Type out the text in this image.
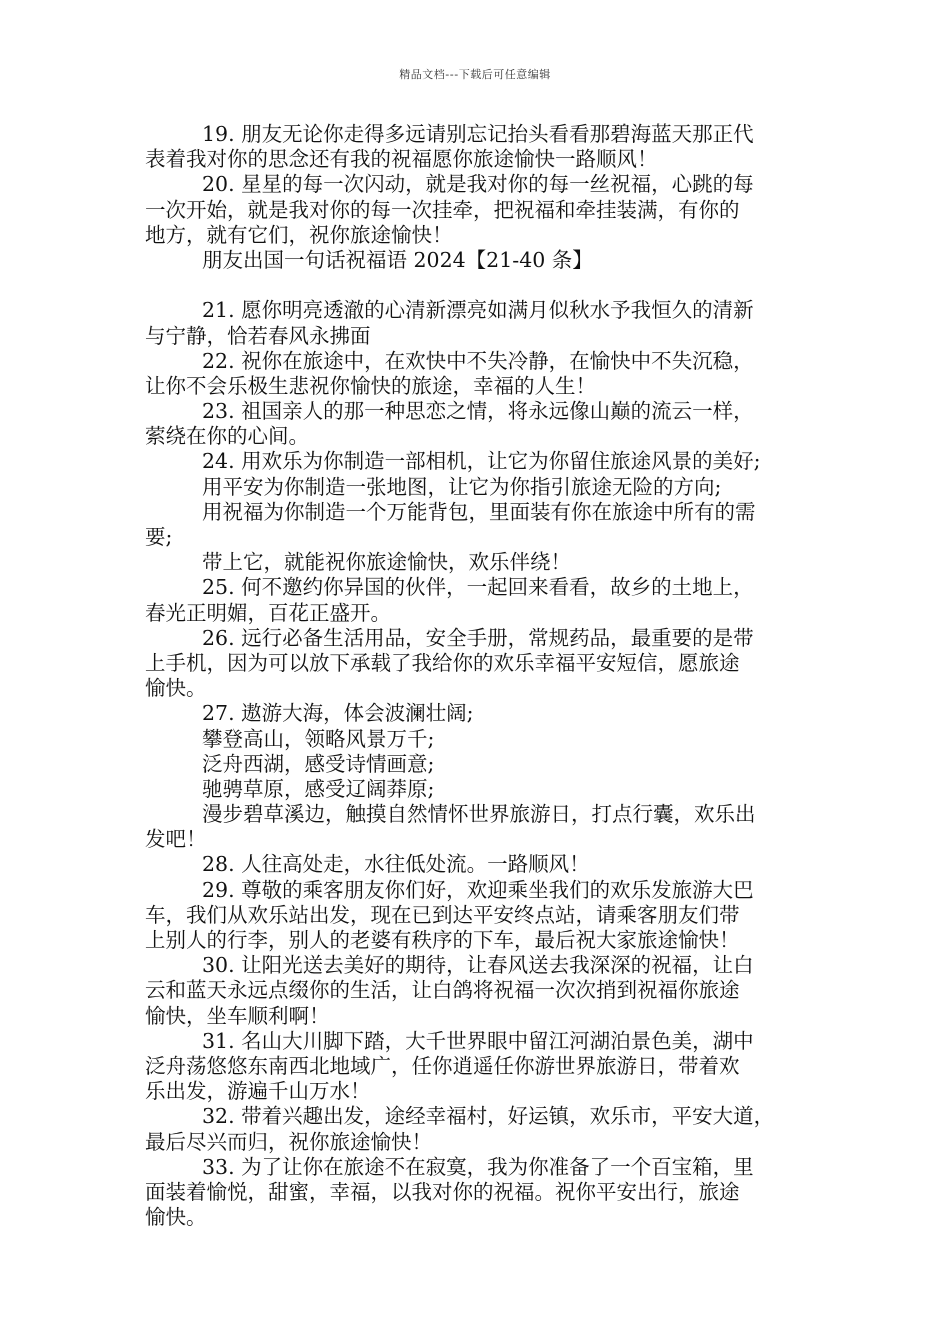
精品文档---下载后可任意编辑
19. 朋友无论你走得多远请别忘记抬头看看那碧海蓝天那正代
表着我对你的思念还有我的祝福愿你旅途愉快一路顺风！
20. 星星的每一次闪动，就是我对你的每一丝祝福，心跳的每
一次开始，就是我对你的每一次挂牵，把祝福和牵挂装满，有你的
地方，就有它们，祝你旅途愉快！
朋友出国一句话祝福语 2024【21-40 条】
21. 愿你明亮透澈的心清新漂亮如满月似秋水予我恒久的清新
与宁静，恰若春风永拂面
22. 祝你在旅途中，在欢快中不失冷静，在愉快中不失沉稳，
让你不会乐极生悲祝你愉快的旅途，幸福的人生！
23. 祖国亲人的那一种思恋之情，将永远像山巅的流云一样，
萦绕在你的心间。
24. 用欢乐为你制造一部相机，让它为你留住旅途风景的美好;
用平安为你制造一张地图，让它为你指引旅途无险的方向;
用祝福为你制造一个万能背包，里面装有你在旅途中所有的需
要;
带上它，就能祝你旅途愉快，欢乐伴绕！
25. 何不邀约你异国的伙伴，一起回来看看，故乡的土地上，
春光正明媚，百花正盛开。
26. 远行必备生活用品，安全手册，常规药品，最重要的是带
上手机，因为可以放下承载了我给你的欢乐幸福平安短信，愿旅途
愉快。
27. 遨游大海，体会波澜壮阔;
攀登高山，领略风景万千;
泛舟西湖，感受诗情画意;
驰骋草原，感受辽阔莽原;
漫步碧草溪边，触摸自然情怀世界旅游日，打点行囊，欢乐出
发吧！
28. 人往高处走，水往低处流。一路顺风！
29. 尊敬的乘客朋友你们好，欢迎乘坐我们的欢乐发旅游大巴
车，我们从欢乐站出发，现在已到达平安终点站，请乘客朋友们带
上别人的行李，别人的老婆有秩序的下车，最后祝大家旅途愉快！
30. 让阳光送去美好的期待，让春风送去我深深的祝福，让白
云和蓝天永远点缀你的生活，让白鸽将祝福一次次捎到祝福你旅途
愉快，坐车顺利啊！
31. 名山大川脚下踏，大千世界眼中留江河湖泊景色美，湖中
泛舟荡悠悠东南西北地域广，任你逍遥任你游世界旅游日，带着欢
乐出发，游遍千山万水！
32. 带着兴趣出发，途经幸福村，好运镇，欢乐市，平安大道，
最后尽兴而归，祝你旅途愉快！
33. 为了让你在旅途不在寂寞，我为你准备了一个百宝箱，里
面装着愉悦，甜蜜，幸福，以我对你的祝福。祝你平安出行，旅途
愉快。
